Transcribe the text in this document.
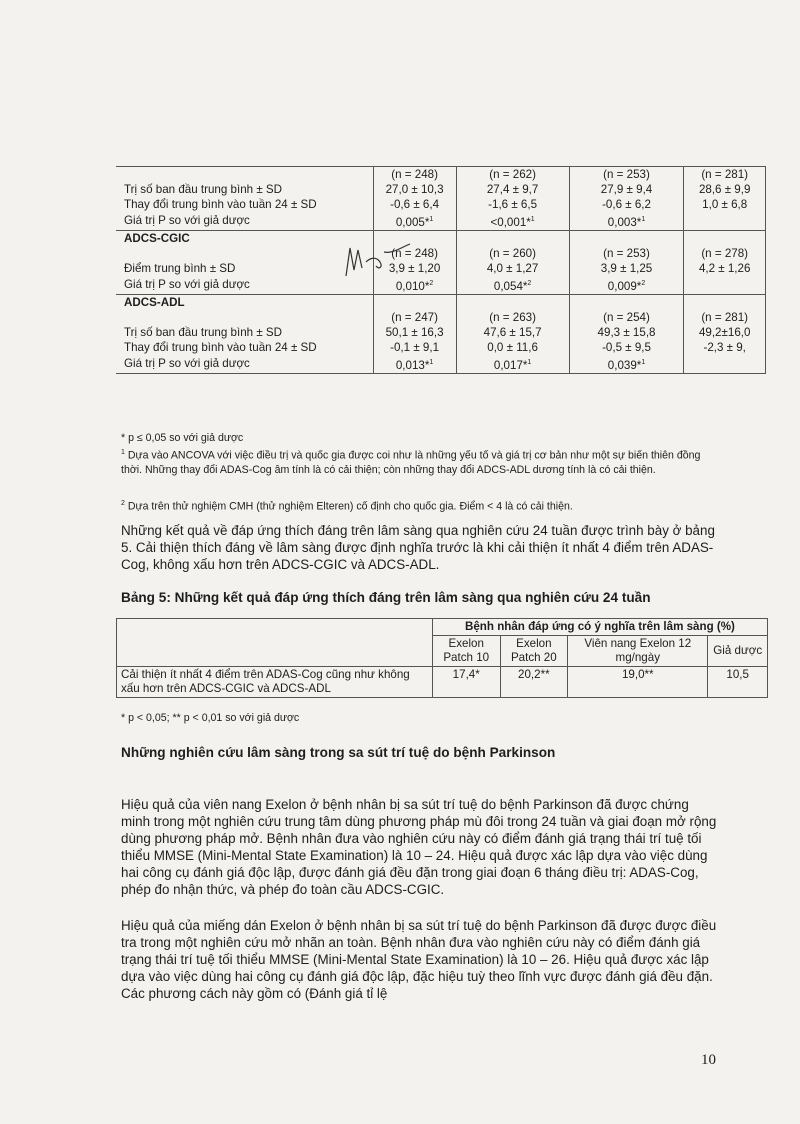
	(n = 248)	(n = 262)	(n = 253)	(n = 281)
Trị số ban đầu trung bình ± SD	27,0 ± 10,3	27,4 ± 9,7	27,9 ± 9,4	28,6 ± 9,9
Thay đổi trung bình vào tuần 24 ± SD	-0,6 ± 6,4	-1,6 ± 6,5	-0,6 ± 6,2	1,0 ± 6,8
Giá trị P so với giả dược	0,005*$^1$	<0,001*$^1$	0,003*$^1$	
ADCS-CGIC				
	(n = 248)	(n = 260)	(n = 253)	(n = 278)
Điểm trung bình ± SD	3,9 ± 1,20	4,0 ± 1,27	3,9 ± 1,25	4,2 ± 1,26
Giá trị P so với giả dược	0,010*$^2$	0,054*$^2$	0,009*$^2$	
ADCS-ADL				
	(n = 247)	(n = 263)	(n = 254)	(n = 281)
Trị số ban đầu trung bình ± SD	50,1 ± 16,3	47,6 ± 15,7	49,3 ± 15,8	49,2±16,0
Thay đổi trung bình vào tuần 24 ± SD	-0,1 ± 9,1	0,0 ± 11,6	-0,5 ± 9,5	-2,3 ± 9,
Giá trị P so với giả dược	0,013*$^1$	0,017*$^1$	0,039*$^1$	
* p ≤ 0,05 so với giả dược
$^1$ Dựa vào ANCOVA với việc điều trị và quốc gia được coi như là những yếu tố và giá trị cơ bản như một sự biến thiên đồng thời. Những thay đổi ADAS-Cog âm tính là có cải thiện; còn những thay đổi ADCS-ADL dương tính là có cải thiện.
$^2$ Dựa trên thử nghiệm CMH (thử nghiệm Elteren) cố định cho quốc gia. Điểm < 4 là có cải thiện.
Những kết quả về đáp ứng thích đáng trên lâm sàng qua nghiên cứu 24 tuần được trình bày ở bảng 5. Cải thiện thích đáng về lâm sàng được định nghĩa trước là khi cải thiện ít nhất 4 điểm trên ADAS-Cog, không xấu hơn trên ADCS-CGIC và ADCS-ADL.
Bảng 5: Những kết quả đáp ứng thích đáng trên lâm sàng qua nghiên cứu 24 tuần
	Bệnh nhân đáp ứng có ý nghĩa trên lâm sàng (%)			
	Exelon Patch 10	Exelon Patch 20	Viên nang Exelon 12 mg/ngày	Giả dược
Cải thiện ít nhất 4 điểm trên ADAS-Cog cũng như không xấu hơn trên ADCS-CGIC và ADCS-ADL	17,4*	20,2**	19,0**	10,5
* p < 0,05; ** p < 0,01 so với giả dược
Những nghiên cứu lâm sàng trong sa sút trí tuệ do bệnh Parkinson
Hiệu quả của viên nang Exelon ở bệnh nhân bị sa sút trí tuệ do bệnh Parkinson đã được chứng minh trong một nghiên cứu trung tâm dùng phương pháp mù đôi trong 24 tuần và giai đoạn mở rộng dùng phương pháp mở. Bệnh nhân đưa vào nghiên cứu này có điểm đánh giá trạng thái trí tuệ tối thiểu MMSE (Mini-Mental State Examination) là 10 – 24. Hiệu quả được xác lập dựa vào việc dùng hai công cụ đánh giá độc lập, được đánh giá đều đặn trong giai đoạn 6 tháng điều trị: ADAS-Cog, phép đo nhận thức, và phép đo toàn cầu ADCS-CGIC.
Hiệu quả của miếng dán Exelon ở bệnh nhân bị sa sút trí tuệ do bệnh Parkinson đã được được điều tra trong một nghiên cứu mở nhãn an toàn. Bệnh nhân đưa vào nghiên cứu này có điểm đánh giá trạng thái trí tuệ tối thiểu MMSE (Mini-Mental State Examination) là 10 – 26. Hiệu quả được xác lập dựa vào việc dùng hai công cụ đánh giá độc lập, đặc hiệu tuỳ theo lĩnh vực được đánh giá đều đặn. Các phương cách này gồm có (Đánh giá tỉ lệ
10
